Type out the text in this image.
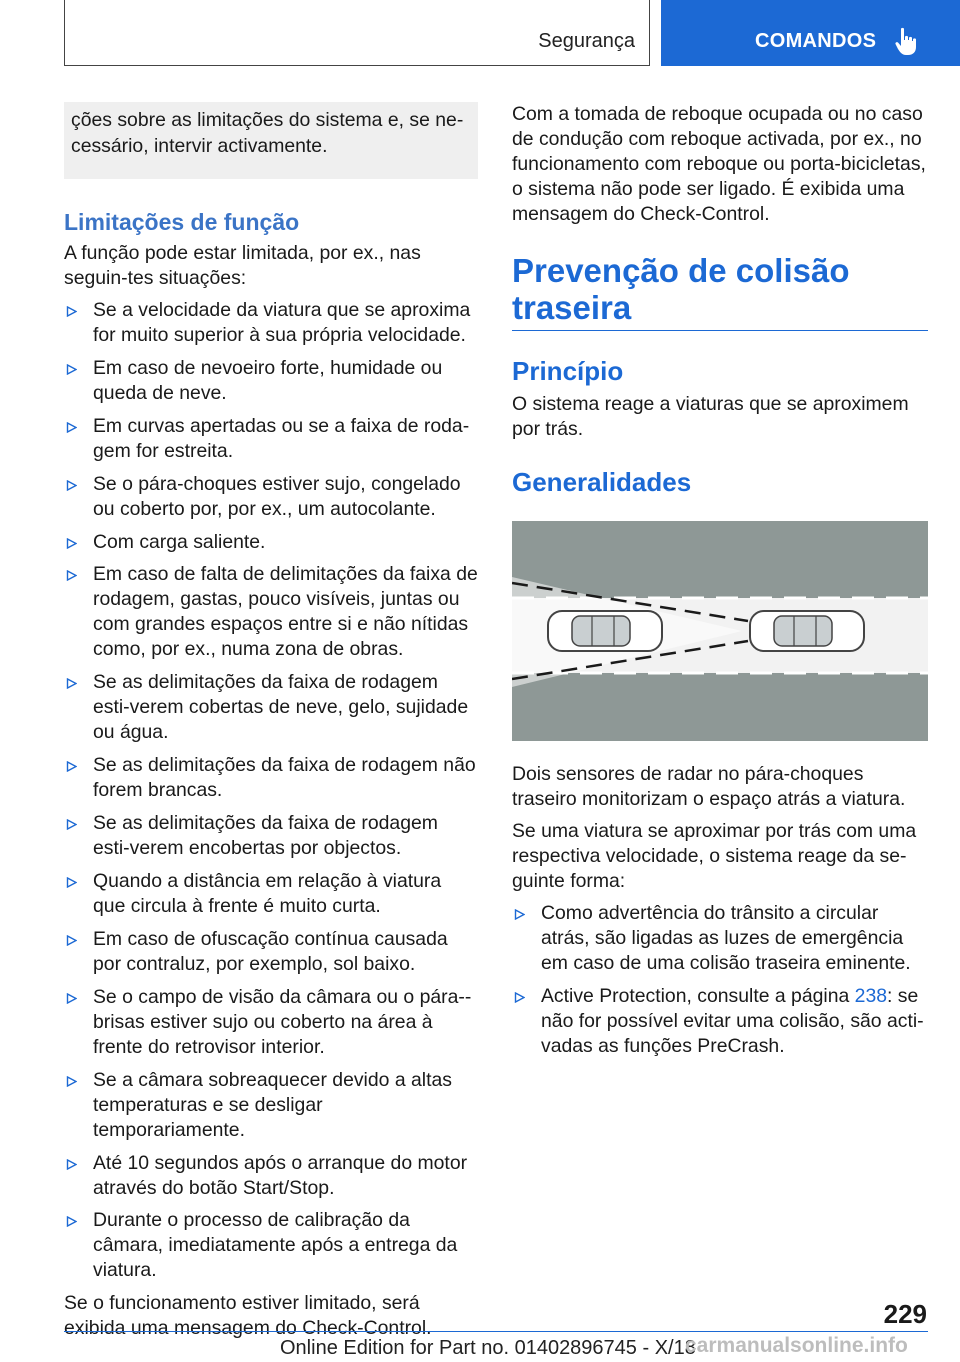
Segurança	COMANDOS

ções sobre as limitações do sistema e, se ne-cessário, intervir activamente.

Limitações de função

A função pode estar limitada, por ex., nas seguin-tes situações:

Se a velocidade da viatura que se aproxima for muito superior à sua própria velocidade.
Em caso de nevoeiro forte, humidade ou queda de neve.
Em curvas apertadas ou se a faixa de roda-gem for estreita.
Se o pára-choques estiver sujo, congelado ou coberto por, por ex., um autocolante.
Com carga saliente.
Em caso de falta de delimitações da faixa de rodagem, gastas, pouco visíveis, juntas ou com grandes espaços entre si e não nítidas como, por ex., numa zona de obras.
Se as delimitações da faixa de rodagem esti-verem cobertas de neve, gelo, sujidade ou água.
Se as delimitações da faixa de rodagem não forem brancas.
Se as delimitações da faixa de rodagem esti-verem encobertas por objectos.
Quando a distância em relação à viatura que circula à frente é muito curta.
Em caso de ofuscação contínua causada por contraluz, por exemplo, sol baixo.
Se o campo de visão da câmara ou o pára--brisas estiver sujo ou coberto na área à frente do retrovisor interior.
Se a câmara sobreaquecer devido a altas temperaturas e se desligar temporariamente.
Até 10 segundos após o arranque do motor através do botão Start/Stop.
Durante o processo de calibração da câmara, imediatamente após a entrega da viatura.

Se o funcionamento estiver limitado, será exibida uma mensagem do Check-Control.

Com a tomada de reboque ocupada ou no caso de condução com reboque activada, por ex., no funcionamento com reboque ou porta-bicicletas, o sistema não pode ser ligado. É exibida uma mensagem do Check-Control.

Prevenção de colisão traseira
Princípio

O sistema reage a viaturas que se aproximem por trás.

Generalidades

Dois sensores de radar no pára-choques traseiro monitorizam o espaço atrás a viatura.

Se uma viatura se aproximar por trás com uma respectiva velocidade, o sistema reage da se-guinte forma:

Como advertência do trânsito a circular atrás, são ligadas as luzes de emergência em caso de uma colisão traseira eminente.
Active Protection, consulte a página 238: se não for possível evitar uma colisão, são acti-vadas as funções PreCrash.
229
Online Edition for Part no. 01402896745 - X/18
carmanualsonline.info
